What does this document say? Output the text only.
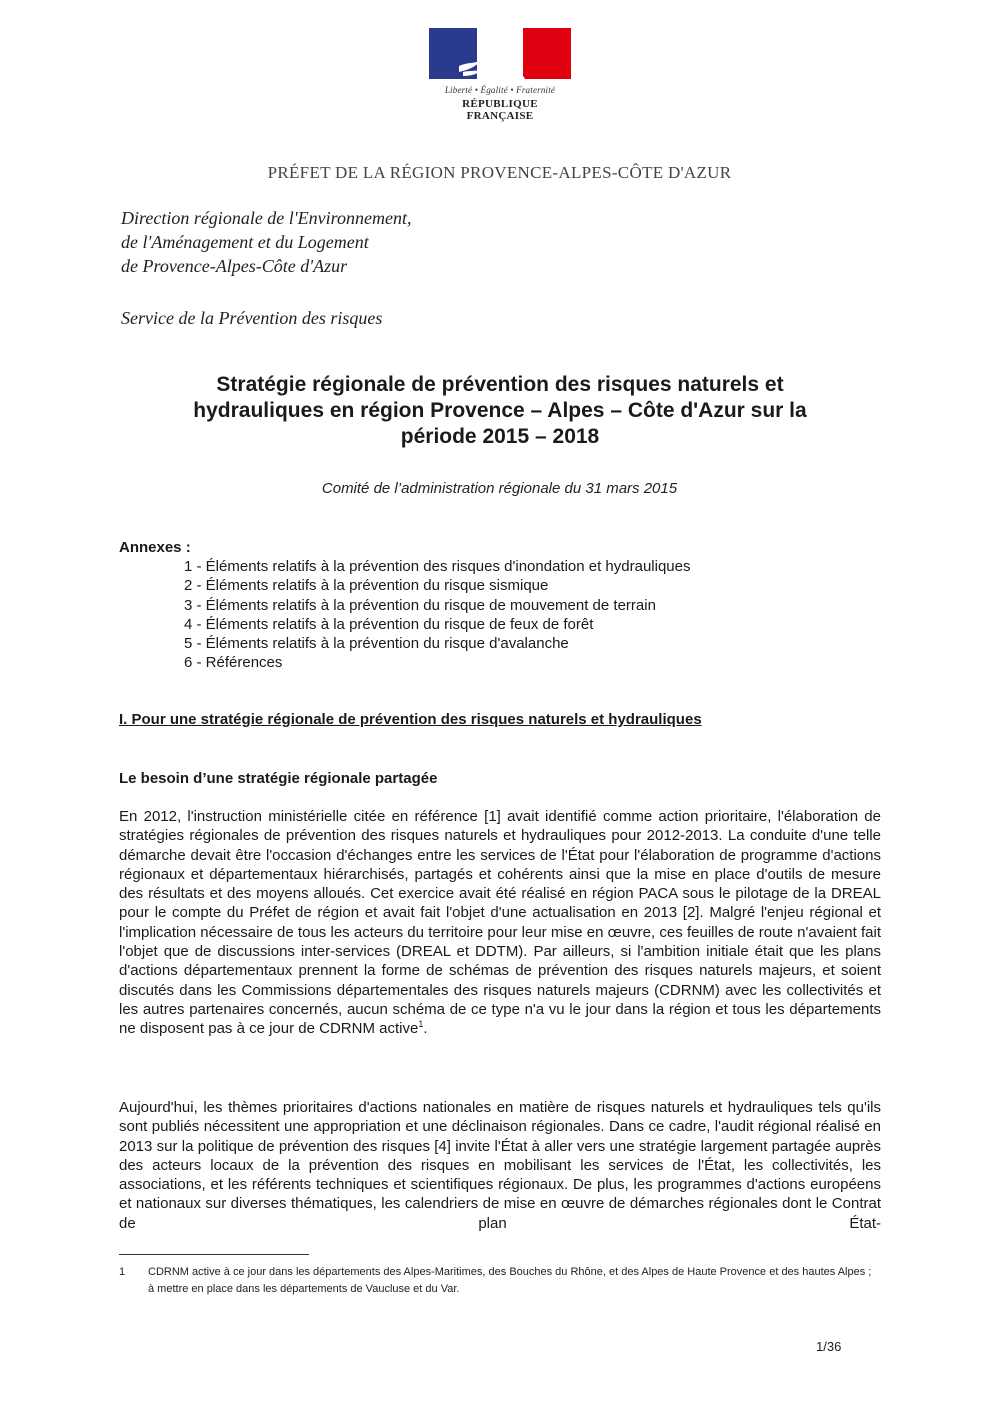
Liberté • Égalité • Fraternité
RÉPUBLIQUE FRANÇAISE
PRÉFET DE LA RÉGION PROVENCE-ALPES-CÔTE D'AZUR
Direction régionale de l'Environnement,
de l'Aménagement et du Logement
de Provence-Alpes-Côte d'Azur
Service de la Prévention des risques
Stratégie régionale de prévention des risques naturels et
hydrauliques en région Provence – Alpes – Côte d'Azur sur la
période 2015 – 2018
Comité de l’administration régionale du 31 mars 2015
Annexes :
1 - Éléments relatifs à la prévention des risques d'inondation et hydrauliques
2 - Éléments relatifs à la prévention du risque sismique
3 - Éléments relatifs à la prévention du risque de mouvement de terrain
4 - Éléments relatifs à la prévention du risque de feux de forêt
5 - Éléments relatifs à la prévention du risque d'avalanche
6 - Références
I. Pour une stratégie régionale de prévention des risques naturels et hydrauliques
Le besoin d’une stratégie régionale partagée

En 2012, l'instruction ministérielle citée en référence [1] avait identifié comme action prioritaire, l'élaboration de stratégies régionales de prévention des risques naturels et hydrauliques pour 2012-2013. La conduite d'une telle démarche devait être l'occasion d'échanges entre les services de l'État pour l'élaboration de programme d'actions régionaux et départementaux hiérarchisés, partagés et cohérents ainsi que la mise en place d'outils de mesure des résultats et des moyens alloués. Cet exercice avait été réalisé en région PACA sous le pilotage de la DREAL pour le compte du Préfet de région et avait fait l'objet d'une actualisation en 2013 [2]. Malgré l'enjeu régional et l'implication nécessaire de tous les acteurs du territoire pour leur mise en œuvre, ces feuilles de route n'avaient fait l'objet que de discussions inter-services (DREAL et DDTM). Par ailleurs, si l'ambition initiale était que les plans d'actions départementaux prennent la forme de schémas de prévention des risques naturels majeurs, et soient discutés dans les Commissions départementales des risques naturels majeurs (CDRNM) avec les collectivités et les autres partenaires concernés, aucun schéma de ce type n'a vu le jour dans la région et tous les départements ne disposent pas à ce jour de CDRNM active$^1$.

Aujourd'hui, les thèmes prioritaires d'actions nationales en matière de risques naturels et hydrauliques tels qu'ils sont publiés nécessitent une appropriation et une déclinaison régionales. Dans ce cadre, l'audit régional réalisé en 2013 sur la politique de prévention des risques [4] invite l'État à aller vers une stratégie largement partagée auprès des acteurs locaux de la prévention des risques en mobilisant les services de l'État, les collectivités, les associations, et les référents techniques et scientifiques régionaux. De plus, les programmes d'actions européens et nationaux sur diverses thématiques, les calendriers de mise en œuvre de démarches régionales dont le Contrat de plan État-

1 CDRNM active à ce jour dans les départements des Alpes-Maritimes, des Bouches du Rhône, et des Alpes de Haute Provence et des hautes Alpes ; à mettre en place dans les départements de Vaucluse et du Var.
1/36
